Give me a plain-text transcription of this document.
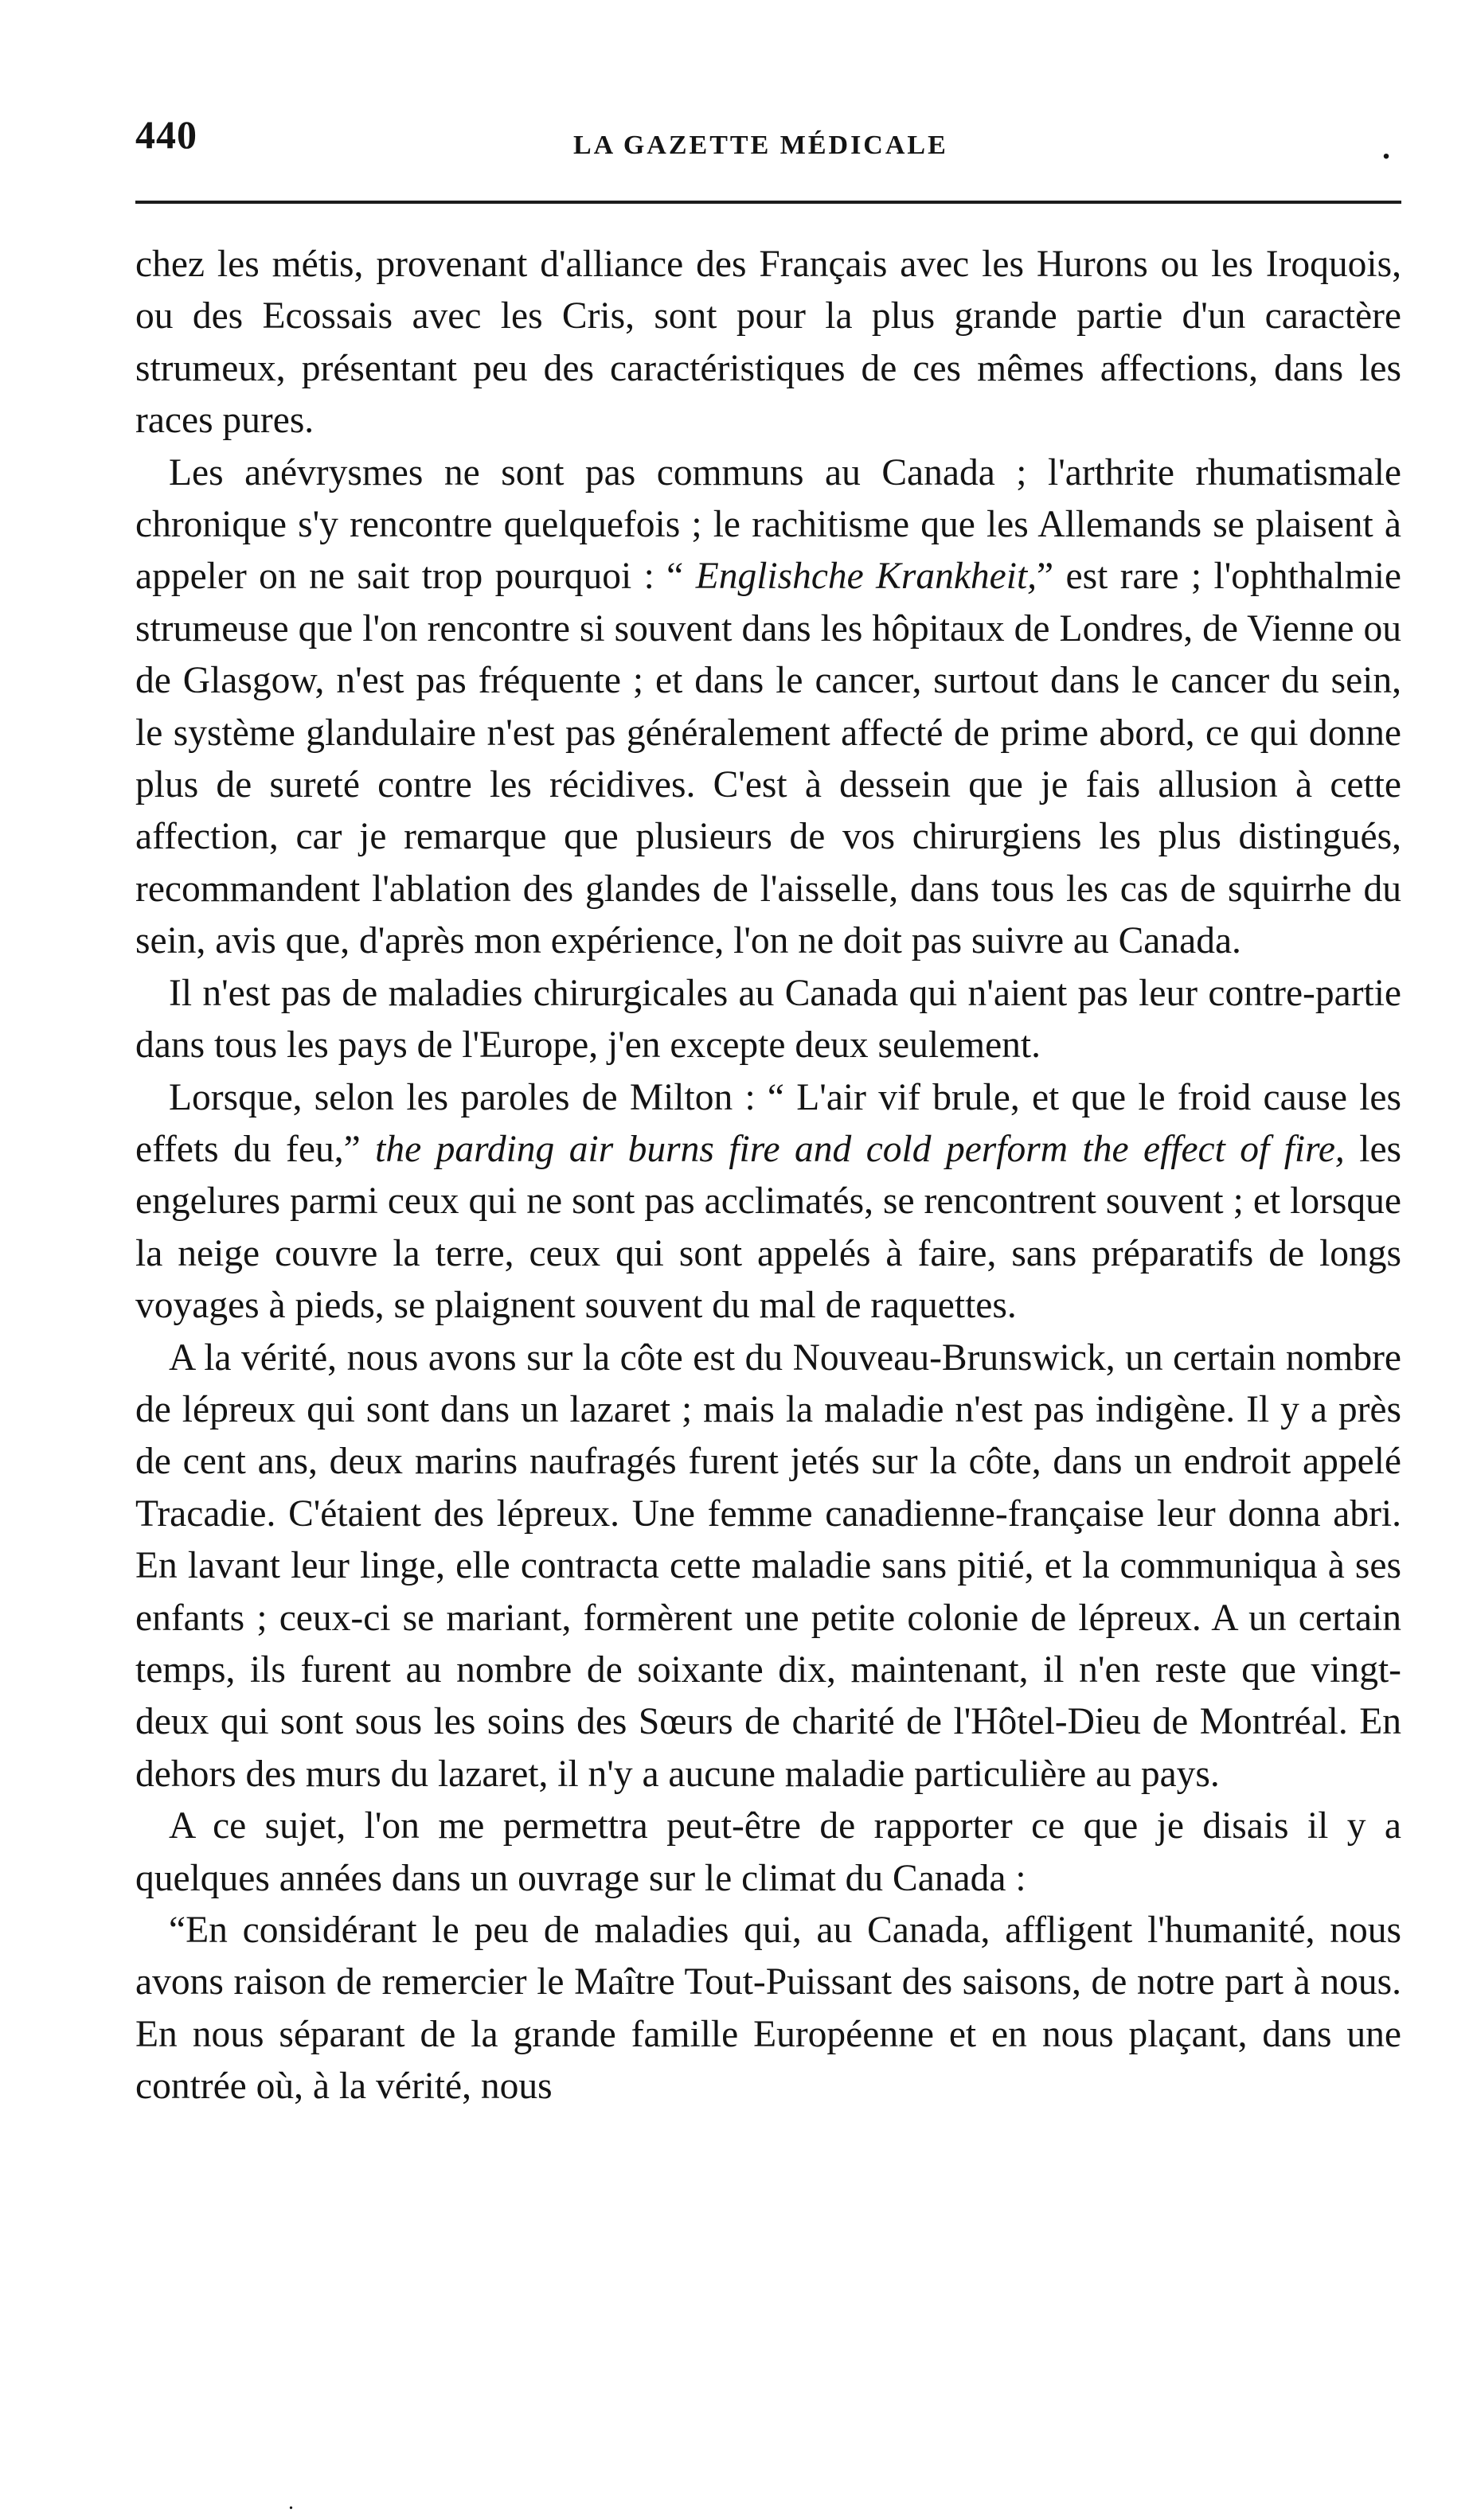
440	LA GAZETTE MÉDICALE	.

chez les métis, provenant d'alliance des Français avec les Hurons ou les Iroquois, ou des Ecossais avec les Cris, sont pour la plus grande partie d'un caractère strumeux, présentant peu des caractéristiques de ces mêmes affections, dans les races pures.

Les anévrysmes ne sont pas communs au Canada ; l'arthrite rhumatismale chronique s'y rencontre quelquefois ; le rachitisme que les Allemands se plaisent à appeler on ne sait trop pourquoi : “ Englishche Krankheit,” est rare ; l'ophthalmie strumeuse que l'on rencontre si souvent dans les hôpitaux de Londres, de Vienne ou de Glasgow, n'est pas fréquente ; et dans le cancer, surtout dans le cancer du sein, le système glandulaire n'est pas généralement affecté de prime abord, ce qui donne plus de sureté contre les récidives. C'est à dessein que je fais allusion à cette affection, car je remarque que plusieurs de vos chirurgiens les plus distingués, recommandent l'ablation des glandes de l'aisselle, dans tous les cas de squirrhe du sein, avis que, d'après mon expérience, l'on ne doit pas suivre au Canada.

Il n'est pas de maladies chirurgicales au Canada qui n'aient pas leur contre-partie dans tous les pays de l'Europe, j'en excepte deux seulement.

Lorsque, selon les paroles de Milton : “ L'air vif brule, et que le froid cause les effets du feu,” the parding air burns fire and cold perform the effect of fire, les engelures parmi ceux qui ne sont pas acclimatés, se rencontrent souvent ; et lorsque la neige couvre la terre, ceux qui sont appelés à faire, sans préparatifs de longs voyages à pieds, se plaignent souvent du mal de raquettes.

A la vérité, nous avons sur la côte est du Nouveau-Brunswick, un certain nombre de lépreux qui sont dans un lazaret ; mais la maladie n'est pas indigène. Il y a près de cent ans, deux marins naufragés furent jetés sur la côte, dans un endroit appelé Tracadie. C'étaient des lépreux. Une femme canadienne-française leur donna abri. En lavant leur linge, elle contracta cette maladie sans pitié, et la communiqua à ses enfants ; ceux-ci se mariant, formèrent une petite colonie de lépreux. A un certain temps, ils furent au nombre de soixante dix, maintenant, il n'en reste que vingt-deux qui sont sous les soins des Sœurs de charité de l'Hôtel-Dieu de Montréal. En dehors des murs du lazaret, il n'y a aucune maladie particulière au pays.

A ce sujet, l'on me permettra peut-être de rapporter ce que je disais il y a quelques années dans un ouvrage sur le climat du Canada :

“En considérant le peu de maladies qui, au Canada, affligent l'humanité, nous avons raison de remercier le Maître Tout-Puissant des saisons, de notre part à nous. En nous séparant de la grande famille Européenne et en nous plaçant, dans une contrée où, à la vérité, nous

.
